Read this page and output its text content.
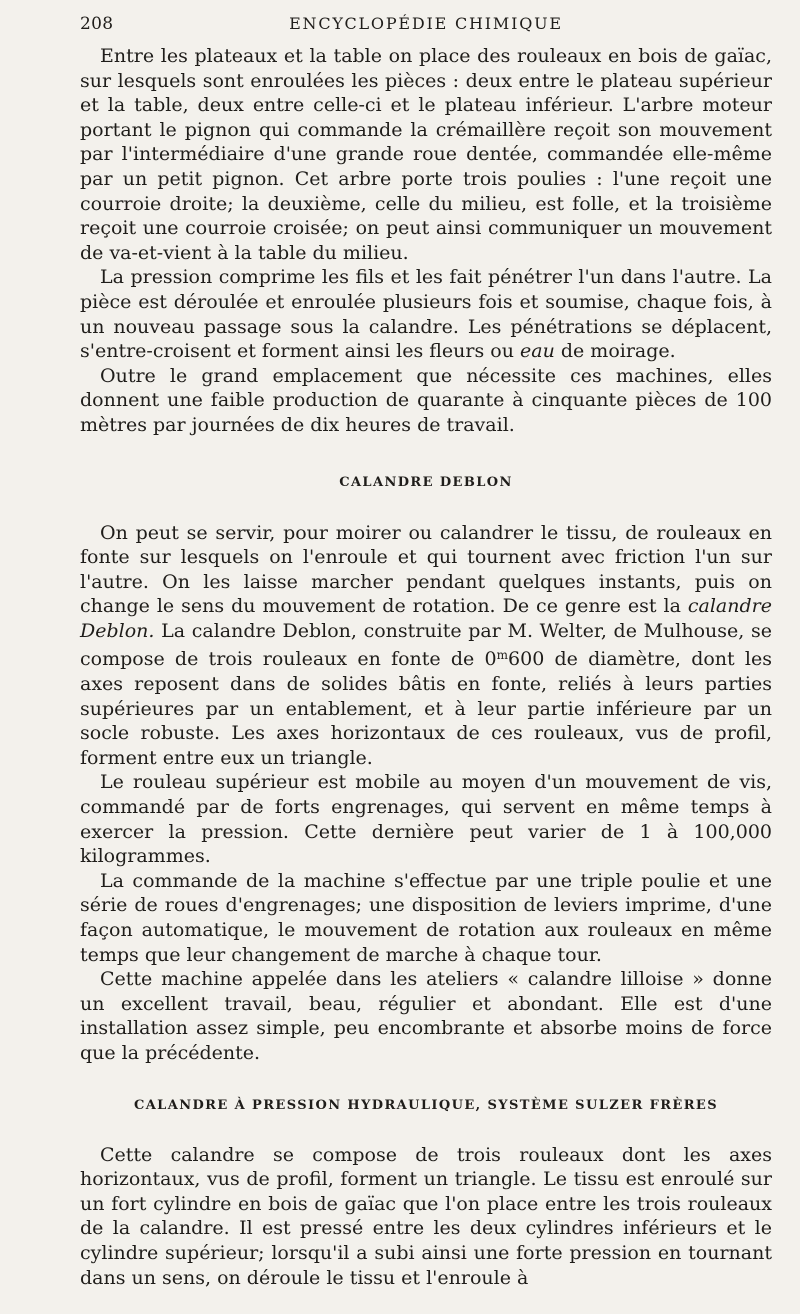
208	ENCYCLOPÉDIE CHIMIQUE

Entre les plateaux et la table on place des rouleaux en bois de gaïac, sur lesquels sont enroulées les pièces : deux entre le plateau supérieur et la table, deux entre celle-ci et le plateau inférieur. L'arbre moteur portant le pignon qui commande la crémaillère reçoit son mouvement par l'intermédiaire d'une grande roue dentée, commandée elle-même par un petit pignon. Cet arbre porte trois poulies : l'une reçoit une courroie droite; la deuxième, celle du milieu, est folle, et la troisième reçoit une courroie croisée; on peut ainsi communiquer un mouvement de va-et-vient à la table du milieu.

La pression comprime les fils et les fait pénétrer l'un dans l'autre. La pièce est déroulée et enroulée plusieurs fois et soumise, chaque fois, à un nouveau passage sous la calandre. Les pénétrations se déplacent, s'entre-croisent et forment ainsi les fleurs ou eau de moirage.

Outre le grand emplacement que nécessite ces machines, elles donnent une faible production de quarante à cinquante pièces de 100 mètres par journées de dix heures de travail.

CALANDRE DEBLON

On peut se servir, pour moirer ou calandrer le tissu, de rouleaux en fonte sur lesquels on l'enroule et qui tournent avec friction l'un sur l'autre. On les laisse marcher pendant quelques instants, puis on change le sens du mouvement de rotation. De ce genre est la calandre Deblon. La calandre Deblon, construite par M. Welter, de Mulhouse, se compose de trois rouleaux en fonte de 0$^m$600 de diamètre, dont les axes reposent dans de solides bâtis en fonte, reliés à leurs parties supérieures par un entablement, et à leur partie inférieure par un socle robuste. Les axes horizontaux de ces rouleaux, vus de profil, forment entre eux un triangle.

Le rouleau supérieur est mobile au moyen d'un mouvement de vis, commandé par de forts engrenages, qui servent en même temps à exercer la pression. Cette dernière peut varier de 1 à 100,000 kilogrammes.

La commande de la machine s'effectue par une triple poulie et une série de roues d'engrenages; une disposition de leviers imprime, d'une façon automatique, le mouvement de rotation aux rouleaux en même temps que leur changement de marche à chaque tour.

Cette machine appelée dans les ateliers « calandre lilloise » donne un excellent travail, beau, régulier et abondant. Elle est d'une installation assez simple, peu encombrante et absorbe moins de force que la précédente.

CALANDRE À PRESSION HYDRAULIQUE, SYSTÈME SULZER FRÈRES

Cette calandre se compose de trois rouleaux dont les axes horizontaux, vus de profil, forment un triangle. Le tissu est enroulé sur un fort cylindre en bois de gaïac que l'on place entre les trois rouleaux de la calandre. Il est pressé entre les deux cylindres inférieurs et le cylindre supérieur; lorsqu'il a subi ainsi une forte pression en tournant dans un sens, on déroule le tissu et l'enroule à
